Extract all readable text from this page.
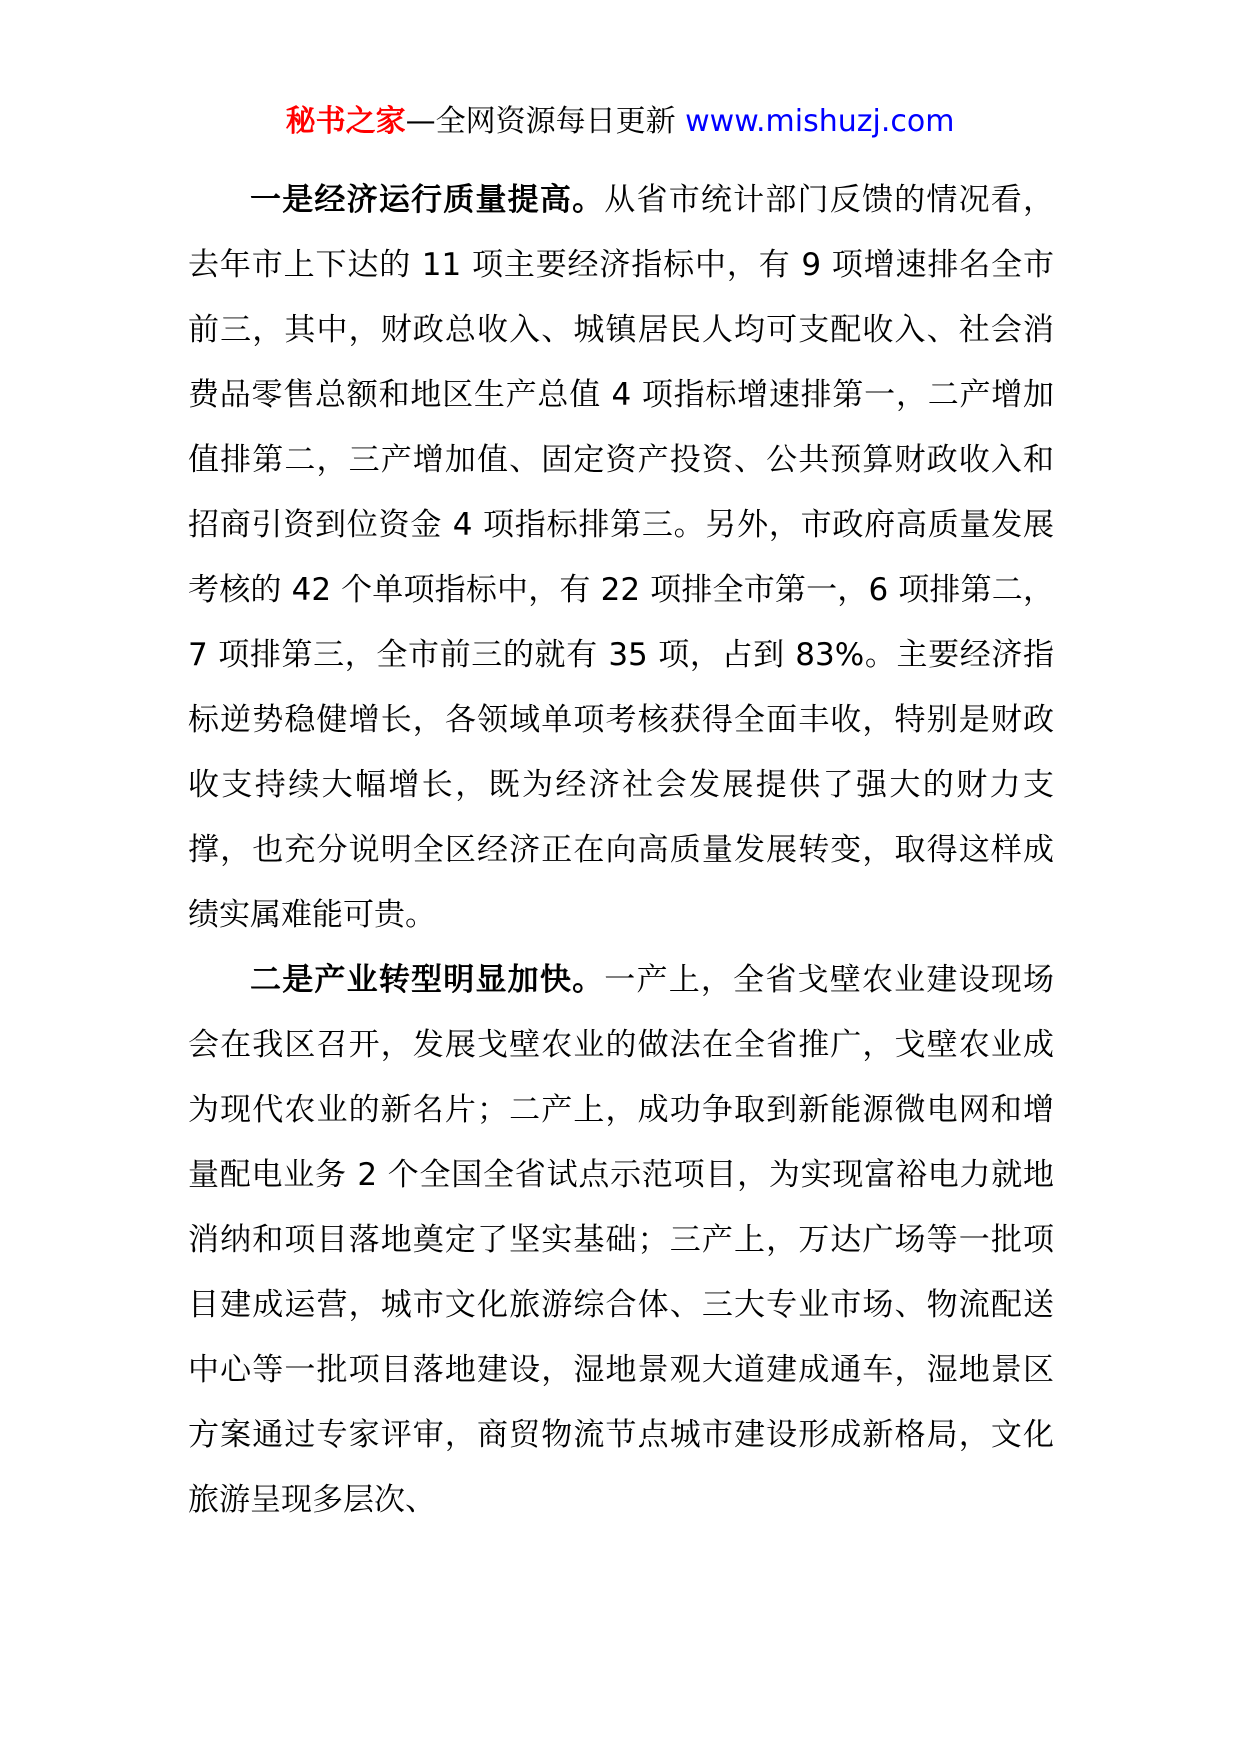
秘书之家—全网资源每日更新 www.mishuzj.com

一是经济运行质量提高。从省市统计部门反馈的情况看，去年市上下达的 11 项主要经济指标中，有 9 项增速排名全市前三，其中，财政总收入、城镇居民人均可支配收入、社会消费品零售总额和地区生产总值 4 项指标增速排第一，二产增加值排第二，三产增加值、固定资产投资、公共预算财政收入和招商引资到位资金 4 项指标排第三。另外，市政府高质量发展考核的 42 个单项指标中，有 22 项排全市第一，6 项排第二，7 项排第三，全市前三的就有 35 项，占到 83%。主要经济指标逆势稳健增长，各领域单项考核获得全面丰收，特别是财政收支持续大幅增长，既为经济社会发展提供了强大的财力支撑，也充分说明全区经济正在向高质量发展转变，取得这样成绩实属难能可贵。

二是产业转型明显加快。一产上，全省戈壁农业建设现场会在我区召开，发展戈壁农业的做法在全省推广，戈壁农业成为现代农业的新名片；二产上，成功争取到新能源微电网和增量配电业务 2 个全国全省试点示范项目，为实现富裕电力就地消纳和项目落地奠定了坚实基础；三产上，万达广场等一批项目建成运营，城市文化旅游综合体、三大专业市场、物流配送中心等一批项目落地建设，湿地景观大道建成通车，湿地景区方案通过专家评审，商贸物流节点城市建设形成新格局，文化旅游呈现多层次、
